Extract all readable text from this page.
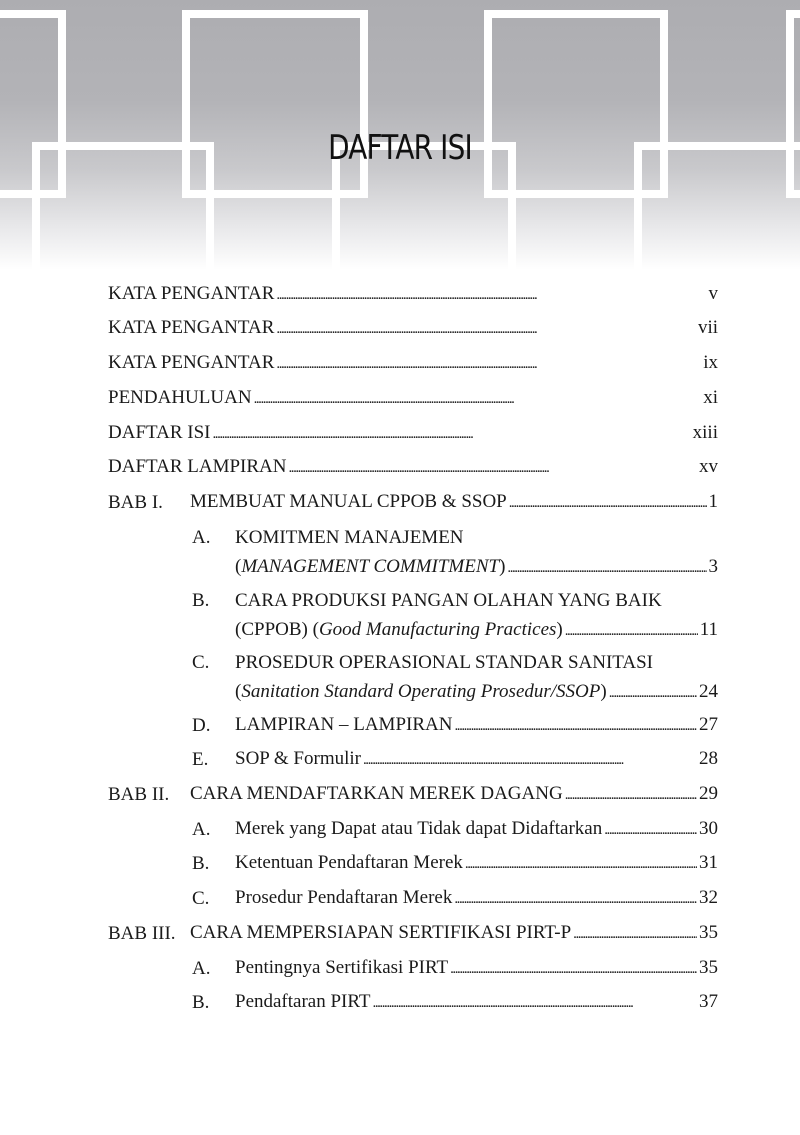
DAFTAR ISI
KATA PENGANTAR . . .	v
KATA PENGANTAR . . .	vii
KATA PENGANTAR . . .	ix
PENDAHULUAN . . .	xi
DAFTAR ISI . . .	xiii
DAFTAR LAMPIRAN . . .	xv
BAB I. MEMBUAT MANUAL CPPOB & SSOP . . .	1
A. KOMITMEN MANAJEMEN
(MANAGEMENT COMMITMENT) . . .	3
B. CARA PRODUKSI PANGAN OLAHAN YANG BAIK
(CPPOB) (Good Manufacturing Practices) . . .	11
C. PROSEDUR OPERASIONAL STANDAR SANITASI
(Sanitation Standard Operating Prosedur/SSOP) . . .	24
D. LAMPIRAN – LAMPIRAN . . .	27
E. SOP & Formulir . . .	28
BAB II. CARA MENDAFTARKAN MEREK DAGANG . . .	29
A. Merek yang Dapat atau Tidak dapat Didaftarkan . . .	30
B. Ketentuan Pendaftaran Merek . . .	31
C. Prosedur Pendaftaran Merek . . .	32
BAB III. CARA MEMPERSIAPAN SERTIFIKASI PIRT-P . . .	35
A. Pentingnya Sertifikasi PIRT . . .	35
B. Pendaftaran PIRT . . .	37
